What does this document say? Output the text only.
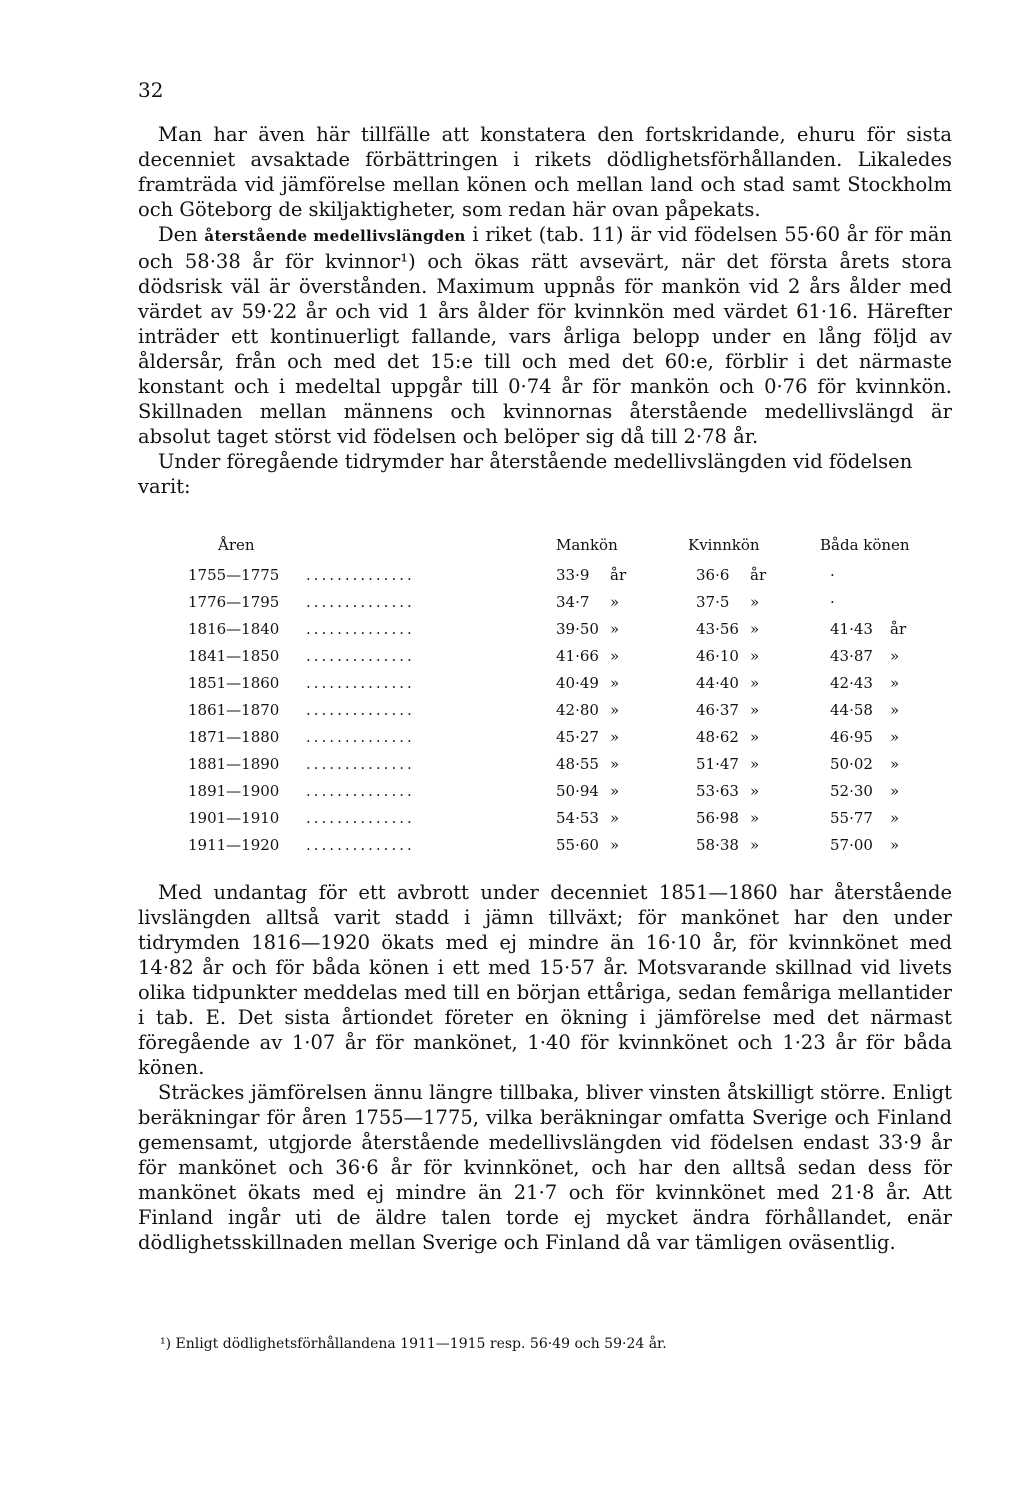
32

Man har även här tillfälle att konstatera den fortskridande, ehuru för sista decenniet avsaktade förbättringen i rikets dödlighetsförhållanden. Likaledes framträda vid jämförelse mellan könen och mellan land och stad samt Stockholm och Göteborg de skiljaktigheter, som redan här ovan påpekats.

Den återstående medellivslängden i riket (tab. 11) är vid födelsen 55·60 år för män och 58·38 år för kvinnor¹) och ökas rätt avsevärt, när det första årets stora dödsrisk väl är överstånden. Maximum uppnås för mankön vid 2 års ålder med värdet av 59·22 år och vid 1 års ålder för kvinnkön med värdet 61·16. Härefter inträder ett kontinuerligt fallande, vars årliga belopp under en lång följd av åldersår, från och med det 15:e till och med det 60:e, förblir i det närmaste konstant och i medeltal uppgår till 0·74 år för mankön och 0·76 för kvinnkön. Skillnaden mellan männens och kvinnornas återstående medellivslängd är absolut taget störst vid födelsen och belöper sig då till 2·78 år.

Under föregående tidrymder har återstående medellivslängden vid födelsen varit:

Åren	Mankön	Kvinnkön	Båda könen
1755—1775 ..............	33·9 år	36·6 år	·
1776—1795 ..............	34·7 »	37·5 »	·
1816—1840 ..............	39·50 »	43·56 »	41·43 år
1841—1850 ..............	41·66 »	46·10 »	43·87 »
1851—1860 ..............	40·49 »	44·40 »	42·43 »
1861—1870 ..............	42·80 »	46·37 »	44·58 »
1871—1880 ..............	45·27 »	48·62 »	46·95 »
1881—1890 ..............	48·55 »	51·47 »	50·02 »
1891—1900 ..............	50·94 »	53·63 »	52·30 »
1901—1910 ..............	54·53 »	56·98 »	55·77 »
1911—1920 ..............	55·60 »	58·38 »	57·00 »

Med undantag för ett avbrott under decenniet 1851—1860 har återstående livslängden alltså varit stadd i jämn tillväxt; för mankönet har den under tidrymden 1816—1920 ökats med ej mindre än 16·10 år, för kvinnkönet med 14·82 år och för båda könen i ett med 15·57 år. Motsvarande skillnad vid livets olika tidpunkter meddelas med till en början ettåriga, sedan femåriga mellantider i tab. E. Det sista årtiondet företer en ökning i jämförelse med det närmast föregående av 1·07 år för mankönet, 1·40 för kvinnkönet och 1·23 år för båda könen.

Sträckes jämförelsen ännu längre tillbaka, bliver vinsten åtskilligt större. Enligt beräkningar för åren 1755—1775, vilka beräkningar omfatta Sverige och Finland gemensamt, utgjorde återstående medellivslängden vid födelsen endast 33·9 år för mankönet och 36·6 år för kvinnkönet, och har den alltså sedan dess för mankönet ökats med ej mindre än 21·7 och för kvinnkönet med 21·8 år. Att Finland ingår uti de äldre talen torde ej mycket ändra förhållandet, enär dödlighetsskillnaden mellan Sverige och Finland då var tämligen oväsentlig.

¹) Enligt dödlighetsförhållandena 1911—1915 resp. 56·49 och 59·24 år.
